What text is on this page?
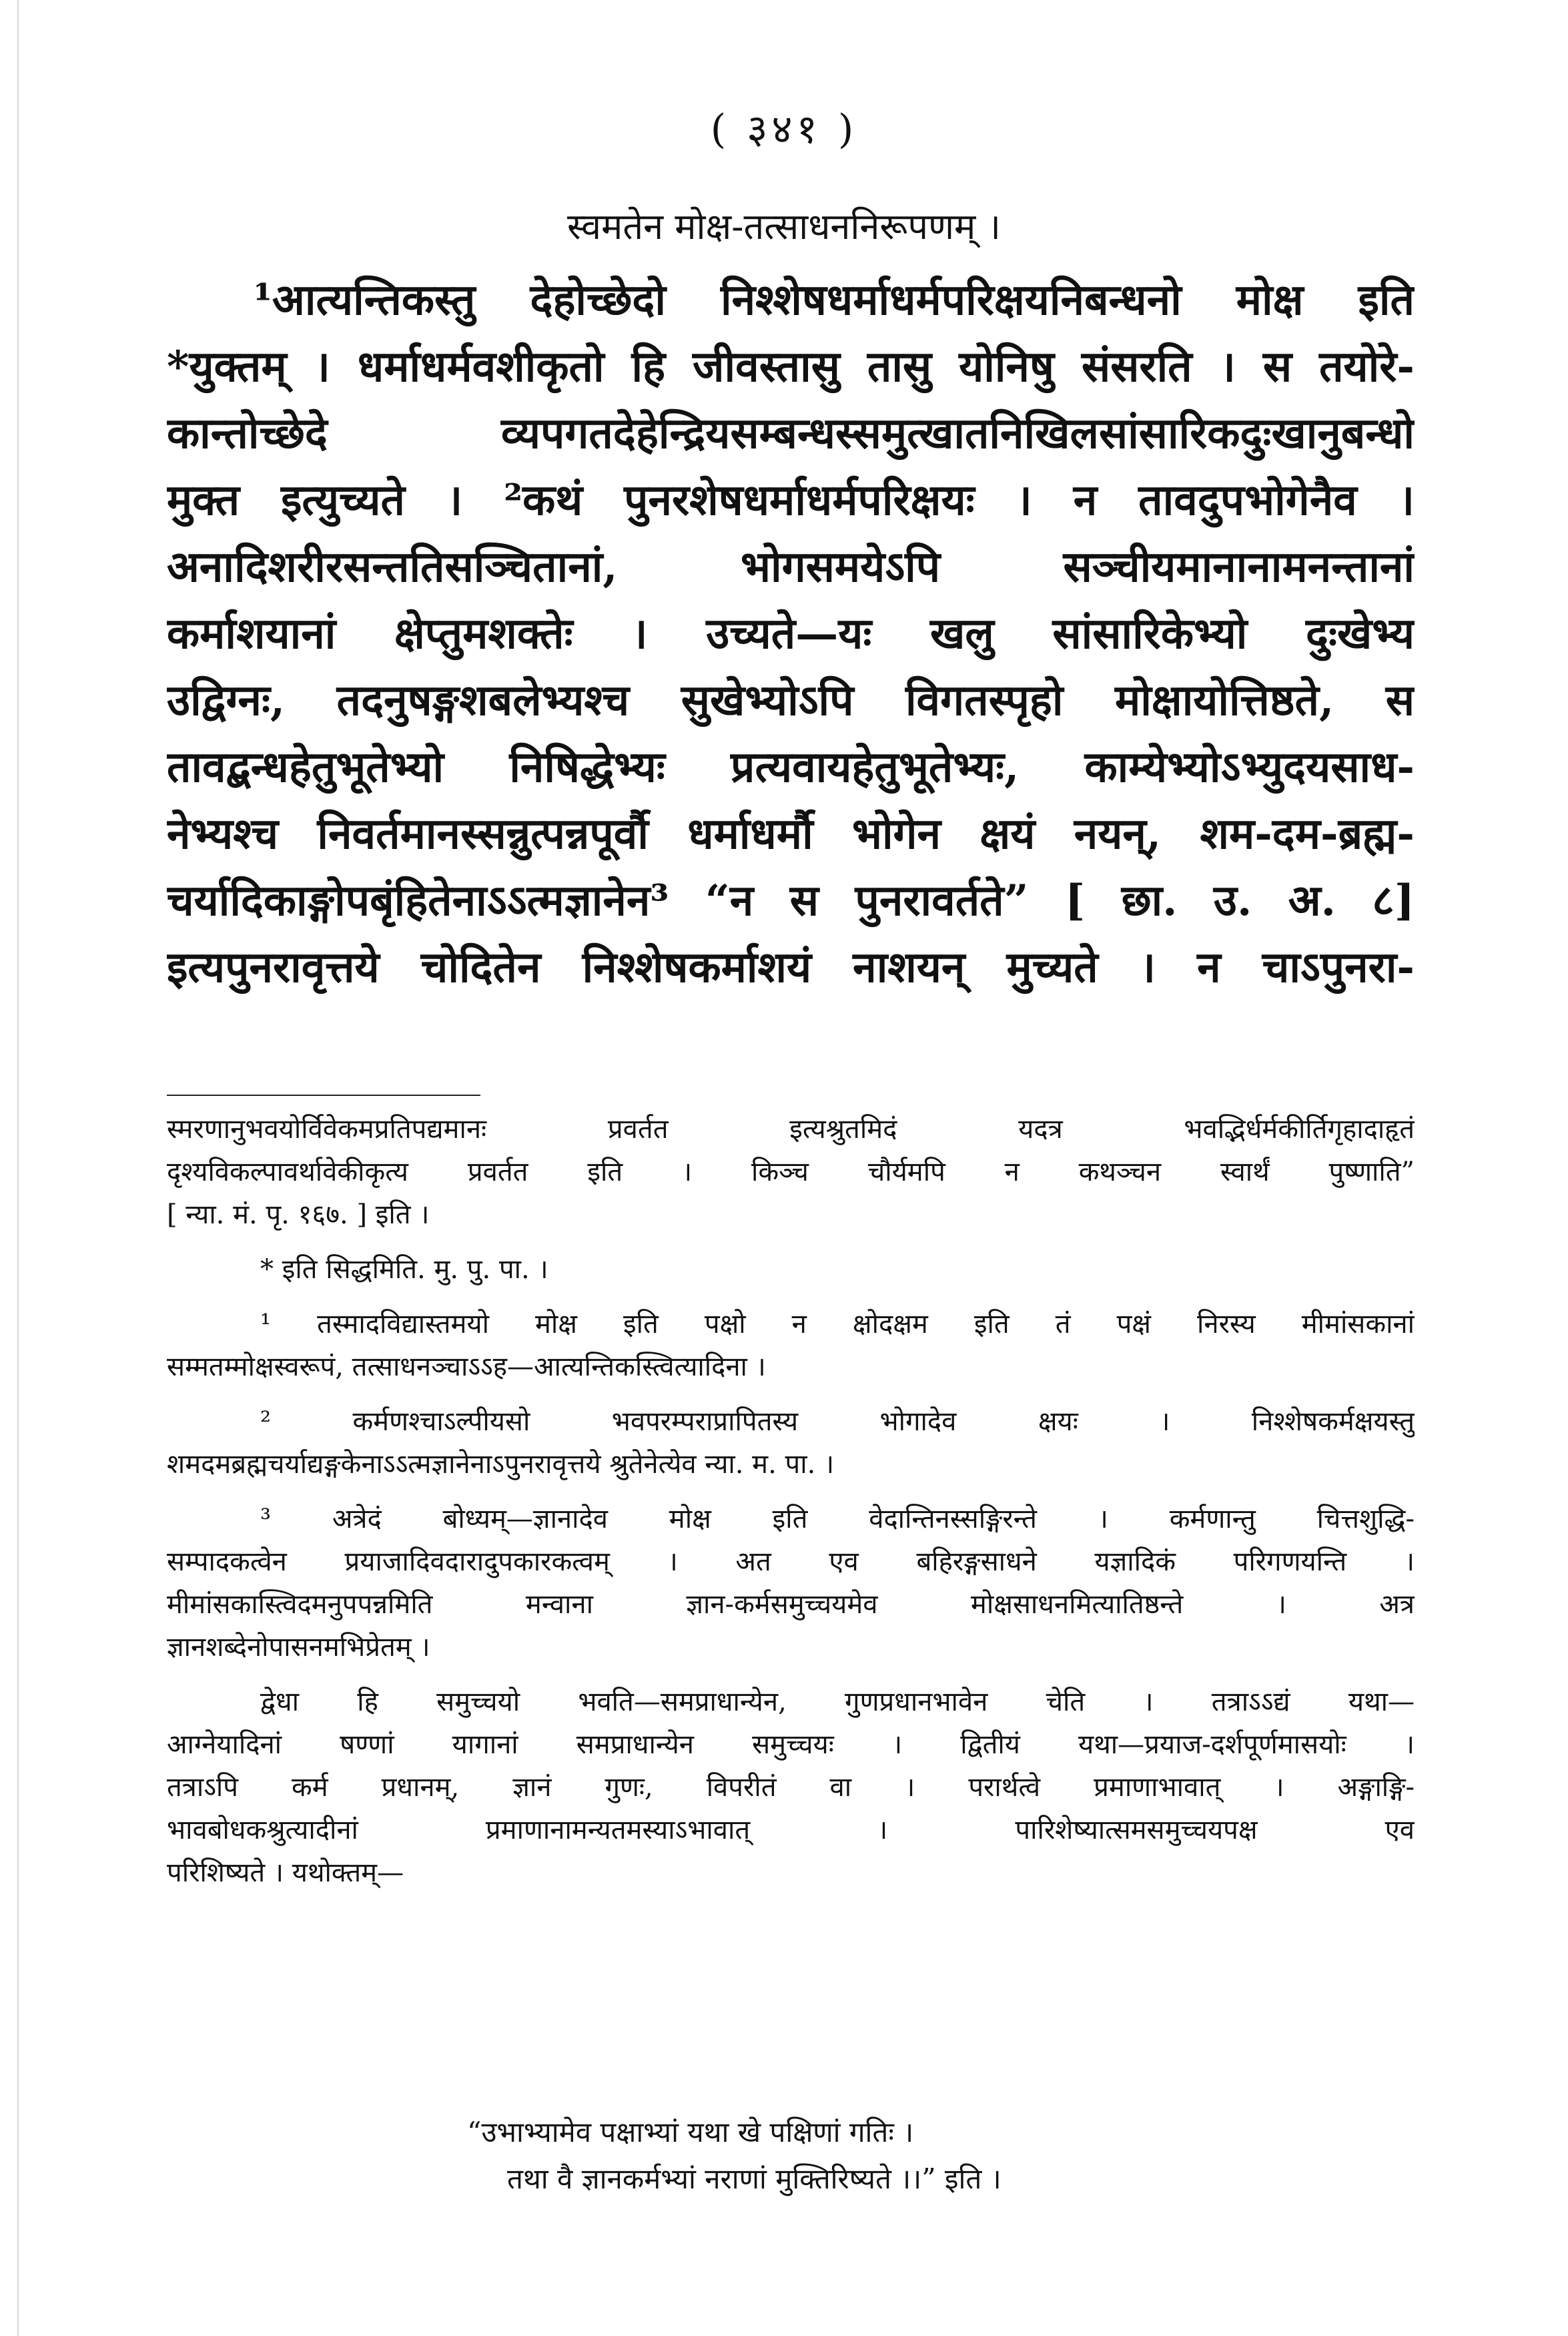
( ३४१ )
स्वमतेन मोक्ष-तत्साधननिरूपणम् ।
¹आत्यन्तिकस्तु देहोच्छेदो निश्शेषधर्माधर्मपरिक्षयनिबन्धनो मोक्ष इति
*युक्तम् । धर्माधर्मवशीकृतो हि जीवस्तासु तासु योनिषु संसरति । स तयोरे-
कान्तोच्छेदे व्यपगतदेहेन्द्रियसम्बन्धस्समुत्खातनिखिलसांसारिकदुःखानुबन्धो
मुक्त इत्युच्यते । ²कथं पुनरशेषधर्माधर्मपरिक्षयः । न तावदुपभोगेनैव ।
अनादिशरीरसन्ततिसञ्चितानां, भोगसमयेऽपि सञ्चीयमानानामनन्तानां
कर्माशयानां क्षेप्तुमशक्तेः । उच्यते—यः खलु सांसारिकेभ्यो दुःखेभ्य
उद्विग्नः, तदनुषङ्गशबलेभ्यश्च सुखेभ्योऽपि विगतस्पृहो मोक्षायोत्तिष्ठते, स
तावद्बन्धहेतुभूतेभ्यो निषिद्धेभ्यः प्रत्यवायहेतुभूतेभ्यः, काम्येभ्योऽभ्युदयसाध-
नेभ्यश्च निवर्तमानस्सन्नुत्पन्नपूर्वौ धर्माधर्मौ भोगेन क्षयं नयन्, शम-दम-ब्रह्म-
चर्यादिकाङ्गोपबृंहितेनाऽऽत्मज्ञानेन³ “न स पुनरावर्तते” [ छा. उ. अ. ८]
इत्यपुनरावृत्तये चोदितेन निश्शेषकर्माशयं नाशयन् मुच्यते । न चाऽपुनरा-
स्मरणानुभवयोर्विवेकमप्रतिपद्यमानः प्रवर्तत इत्यश्रुतमिदं यदत्र भवद्भिर्धर्मकीर्तिगृहादाहृतं
दृश्यविकल्पावर्थावेकीकृत्य प्रवर्तत इति । किञ्च चौर्यमपि न कथञ्चन स्वार्थं पुष्णाति”
[ न्या. मं. पृ. १६७. ] इति ।
* इति सिद्धमिति. मु. पु. पा. ।
¹ तस्मादविद्यास्तमयो मोक्ष इति पक्षो न क्षोदक्षम इति तं पक्षं निरस्य मीमांसकानां
सम्मतम्मोक्षस्वरूपं, तत्साधनञ्चाऽऽह—आत्यन्तिकस्त्वित्यादिना ।
² कर्मणश्चाऽल्पीयसो भवपरम्पराप्रापितस्य भोगादेव क्षयः । निश्शेषकर्मक्षयस्तु
शमदमब्रह्मचर्याद्यङ्गकेनाऽऽत्मज्ञानेनाऽपुनरावृत्तये श्रुतेनेत्येव न्या. म. पा. ।
³ अत्रेदं बोध्यम्—ज्ञानादेव मोक्ष इति वेदान्तिनस्सङ्गिरन्ते । कर्मणान्तु चित्तशुद्धि-
सम्पादकत्वेन प्रयाजादिवदारादुपकारकत्वम् । अत एव बहिरङ्गसाधने यज्ञादिकं परिगणयन्ति ।
मीमांसकास्त्विदमनुपपन्नमिति मन्वाना ज्ञान-कर्मसमुच्चयमेव मोक्षसाधनमित्यातिष्ठन्ते । अत्र
ज्ञानशब्देनोपासनमभिप्रेतम् ।
द्वेधा हि समुच्चयो भवति—समप्राधान्येन, गुणप्रधानभावेन चेति । तत्राऽऽद्यं यथा—
आग्नेयादिनां षण्णां यागानां समप्राधान्येन समुच्चयः । द्वितीयं यथा—प्रयाज-दर्शपूर्णमासयोः ।
तत्राऽपि कर्म प्रधानम्, ज्ञानं गुणः, विपरीतं वा । परार्थत्वे प्रमाणाभावात् । अङ्गाङ्गि-
भावबोधकश्रुत्यादीनां प्रमाणानामन्यतमस्याऽभावात् । पारिशेष्यात्समसमुच्चयपक्ष एव
परिशिष्यते । यथोक्तम्—
“उभाभ्यामेव पक्षाभ्यां यथा खे पक्षिणां गतिः ।
तथा वै ज्ञानकर्मभ्यां नराणां मुक्तिरिष्यते ।।” इति ।
